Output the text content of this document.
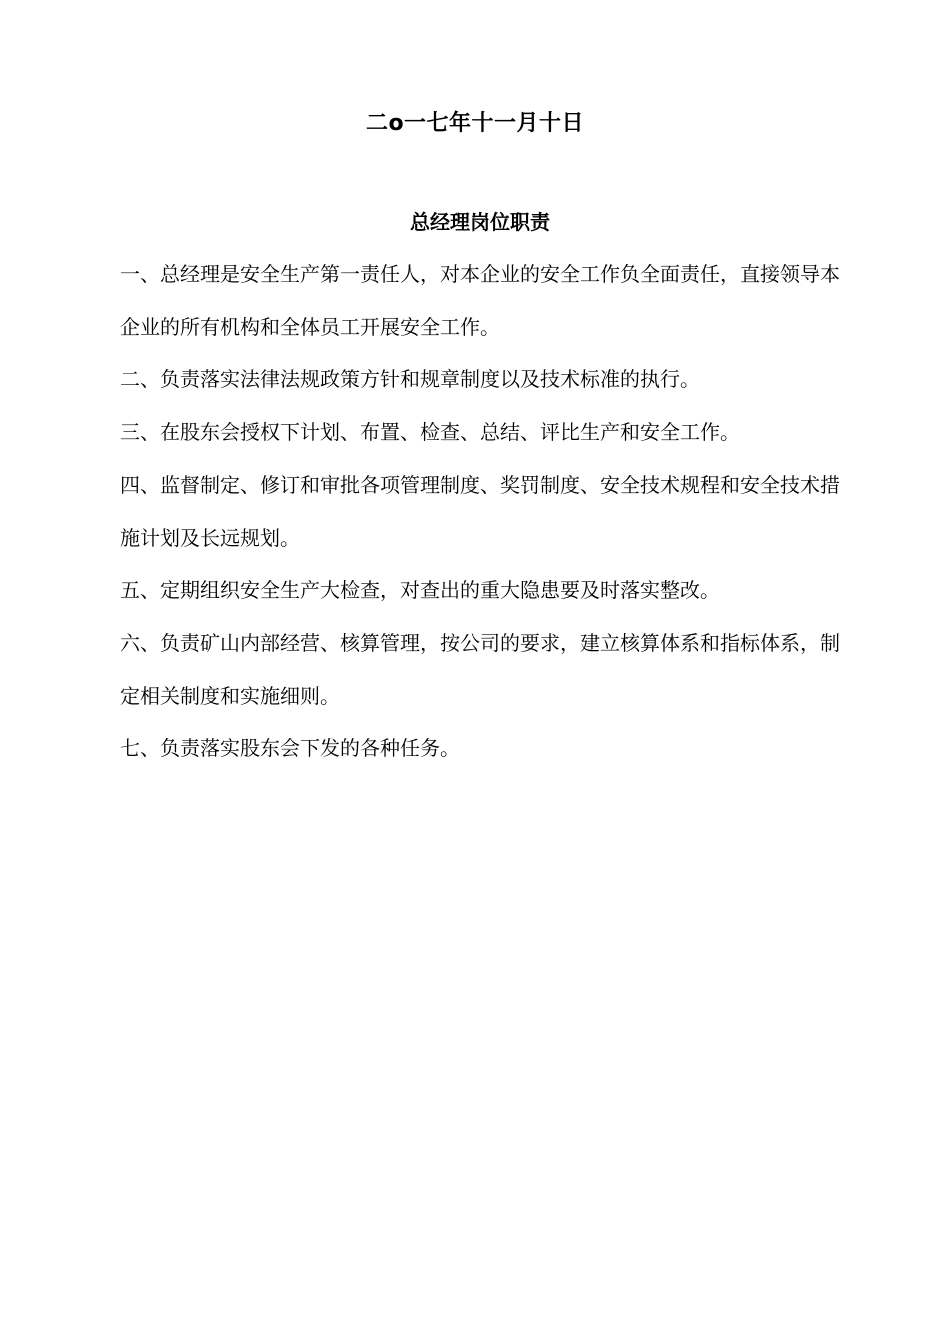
二o一七年十一月十日
总经理岗位职责

一、总经理是安全生产第一责任人，对本企业的安全工作负全面责任，直接领导本企业的所有机构和全体员工开展安全工作。

二、负责落实法律法规政策方针和规章制度以及技术标准的执行。

三、在股东会授权下计划、布置、检查、总结、评比生产和安全工作。

四、监督制定、修订和审批各项管理制度、奖罚制度、安全技术规程和安全技术措施计划及长远规划。

五、定期组织安全生产大检查，对查出的重大隐患要及时落实整改。

六、负责矿山内部经营、核算管理，按公司的要求，建立核算体系和指标体系，制定相关制度和实施细则。

七、负责落实股东会下发的各种任务。
